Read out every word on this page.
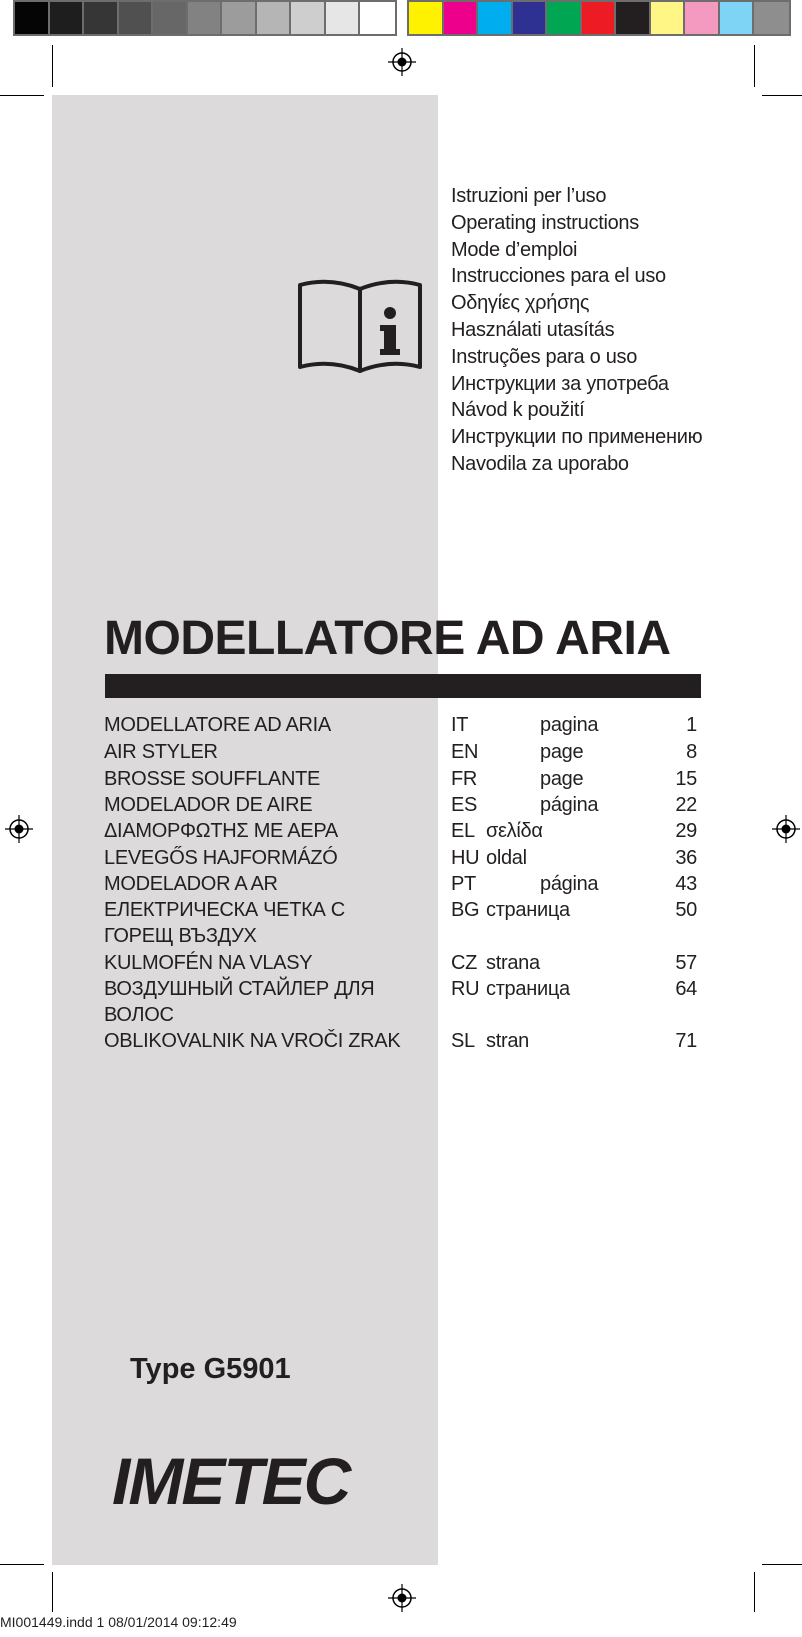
Istruzioni per l’uso
Operating instructions
Mode d’emploi
Instrucciones para el uso
Οδηγίες χρήσης
Használati utasítás
Instruções para o uso
Инструкции за употреба
Návod k použití
Инструкции по применению
Navodila za uporabo
MODELLATORE AD ARIA
MODELLATORE AD ARIA	IT	pagina	1
AIR STYLER	EN	page	8
BROSSE SOUFFLANTE	FR	page	15
MODELADOR DE AIRE	ES	página	22
ΔΙΑΜΟΡΦΩΤΗΣ ΜΕ ΑΕΡΑ	EL σελίδα	29
LEVEGŐS HAJFORMÁZÓ	HU oldal	36
MODELADOR A AR	PT	página	43
ЕЛЕКТРИЧЕСКА ЧЕТКА С	BG страница	50
ГОРЕЩ ВЪЗДУХ
KULMOFÉN NA VLASY	CZ strana	57
ВОЗДУШНЫЙ СТАЙЛЕР ДЛЯ	RU страница	64
ВОЛОС
OBLIKOVALNIK NA VROČI ZRAK	SL stran	71
Type G5901
IMETEC
MI001449.indd 1 08/01/2014 09:12:49
